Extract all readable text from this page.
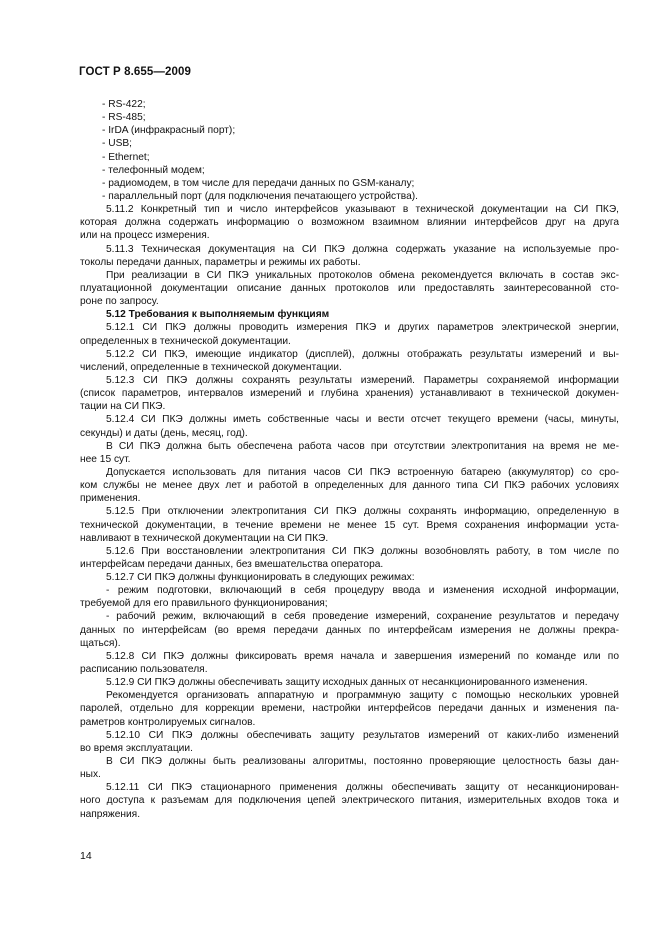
ГОСТ Р 8.655—2009
- RS-422;
- RS-485;
- IrDA (инфракрасный порт);
- USB;
- Ethernet;
- телефонный модем;
- радиомодем, в том числе для передачи данных по GSM-каналу;
- параллельный порт (для подключения печатающего устройства).
5.11.2 Конкретный тип и число интерфейсов указывают в технической документации на СИ ПКЭ,
которая должна содержать информацию о возможном взаимном влиянии интерфейсов друг на друга
или на процесс измерения.
5.11.3 Техническая документация на СИ ПКЭ должна содержать указание на используемые про-
токолы передачи данных, параметры и режимы их работы.
При реализации в СИ ПКЭ уникальных протоколов обмена рекомендуется включать в состав экс-
плуатационной документации описание данных протоколов или предоставлять заинтересованной сто-
роне по запросу.
5.12 Требования к выполняемым функциям
5.12.1 СИ ПКЭ должны проводить измерения ПКЭ и других параметров электрической энергии,
определенных в технической документации.
5.12.2 СИ ПКЭ, имеющие индикатор (дисплей), должны отображать результаты измерений и вы-
числений, определенные в технической документации.
5.12.3 СИ ПКЭ должны сохранять результаты измерений. Параметры сохраняемой информации
(список параметров, интервалов измерений и глубина хранения) устанавливают в технической докумен-
тации на СИ ПКЭ.
5.12.4 СИ ПКЭ должны иметь собственные часы и вести отсчет текущего времени (часы, минуты,
секунды) и даты (день, месяц, год).
В СИ ПКЭ должна быть обеспечена работа часов при отсутствии электропитания на время не ме-
нее 15 сут.
Допускается использовать для питания часов СИ ПКЭ встроенную батарею (аккумулятор) со сро-
ком службы не менее двух лет и работой в определенных для данного типа СИ ПКЭ рабочих условиях
применения.
5.12.5 При отключении электропитания СИ ПКЭ должны сохранять информацию, определенную в
технической документации, в течение времени не менее 15 сут. Время сохранения информации уста-
навливают в технической документации на СИ ПКЭ.
5.12.6 При восстановлении электропитания СИ ПКЭ должны возобновлять работу, в том числе по
интерфейсам передачи данных, без вмешательства оператора.
5.12.7 СИ ПКЭ должны функционировать в следующих режимах:
- режим подготовки, включающий в себя процедуру ввода и изменения исходной информации,
требуемой для его правильного функционирования;
- рабочий режим, включающий в себя проведение измерений, сохранение результатов и передачу
данных по интерфейсам (во время передачи данных по интерфейсам измерения не должны прекра-
щаться).
5.12.8 СИ ПКЭ должны фиксировать время начала и завершения измерений по команде или по
расписанию пользователя.
5.12.9 СИ ПКЭ должны обеспечивать защиту исходных данных от несанкционированного изменения.
Рекомендуется организовать аппаратную и программную защиту с помощью нескольких уровней
паролей, отдельно для коррекции времени, настройки интерфейсов передачи данных и изменения па-
раметров контролируемых сигналов.
5.12.10 СИ ПКЭ должны обеспечивать защиту результатов измерений от каких-либо изменений
во время эксплуатации.
В СИ ПКЭ должны быть реализованы алгоритмы, постоянно проверяющие целостность базы дан-
ных.
5.12.11 СИ ПКЭ стационарного применения должны обеспечивать защиту от несанкционирован-
ного доступа к разъемам для подключения цепей электрического питания, измерительных входов тока и
напряжения.
14
